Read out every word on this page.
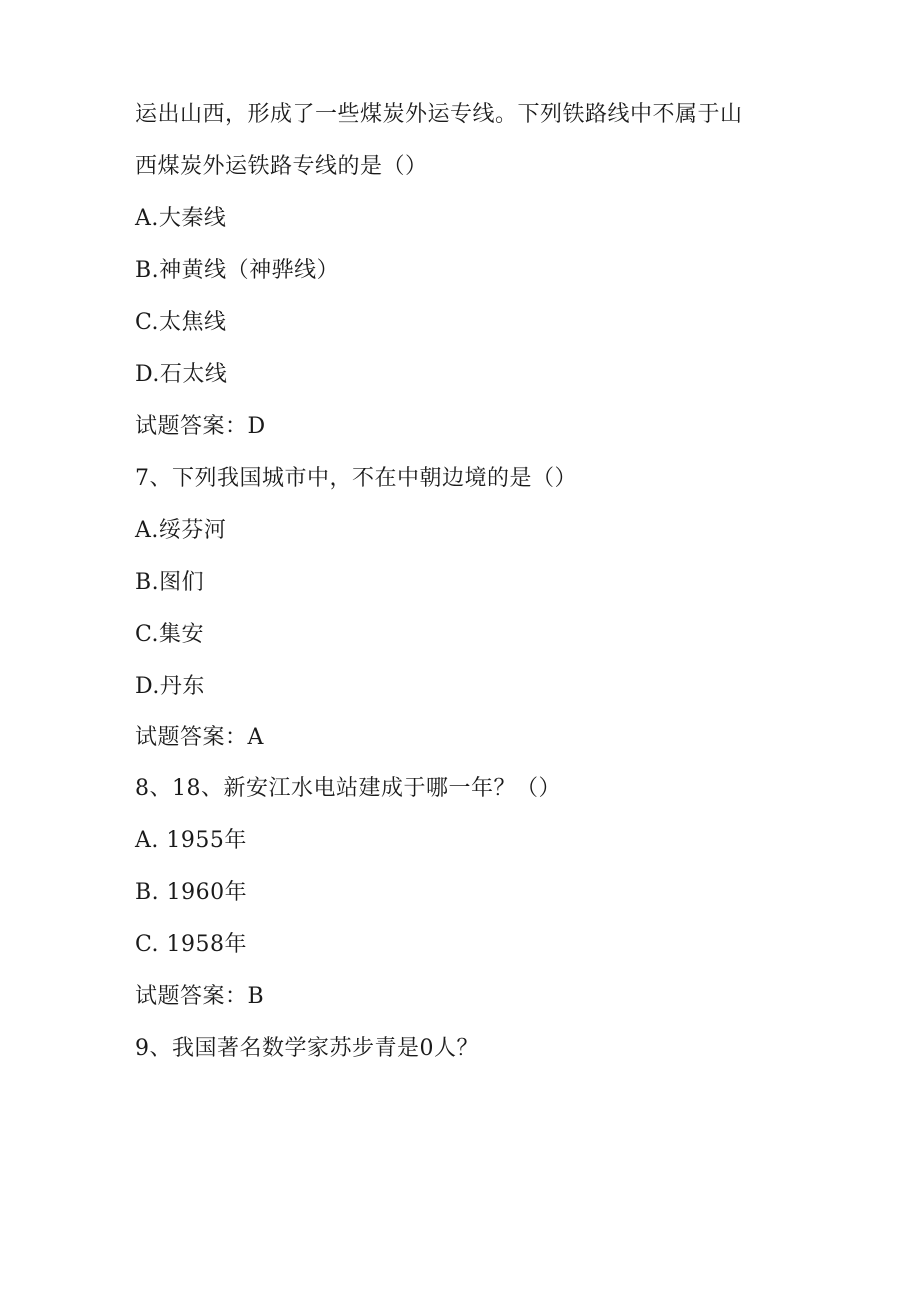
运出山西，形成了一些煤炭外运专线。下列铁路线中不属于山
西煤炭外运铁路专线的是（）
A.大秦线
B.神黄线（神骅线）
C.太焦线
D.石太线
试题答案：D
7、下列我国城市中，不在中朝边境的是（）
A.绥芬河
B.图们
C.集安
D.丹东
试题答案：A
8、18、新安江水电站建成于哪一年？（）
A. 1955年
B. 1960年
C. 1958年
试题答案：B
9、我国著名数学家苏步青是0人？
